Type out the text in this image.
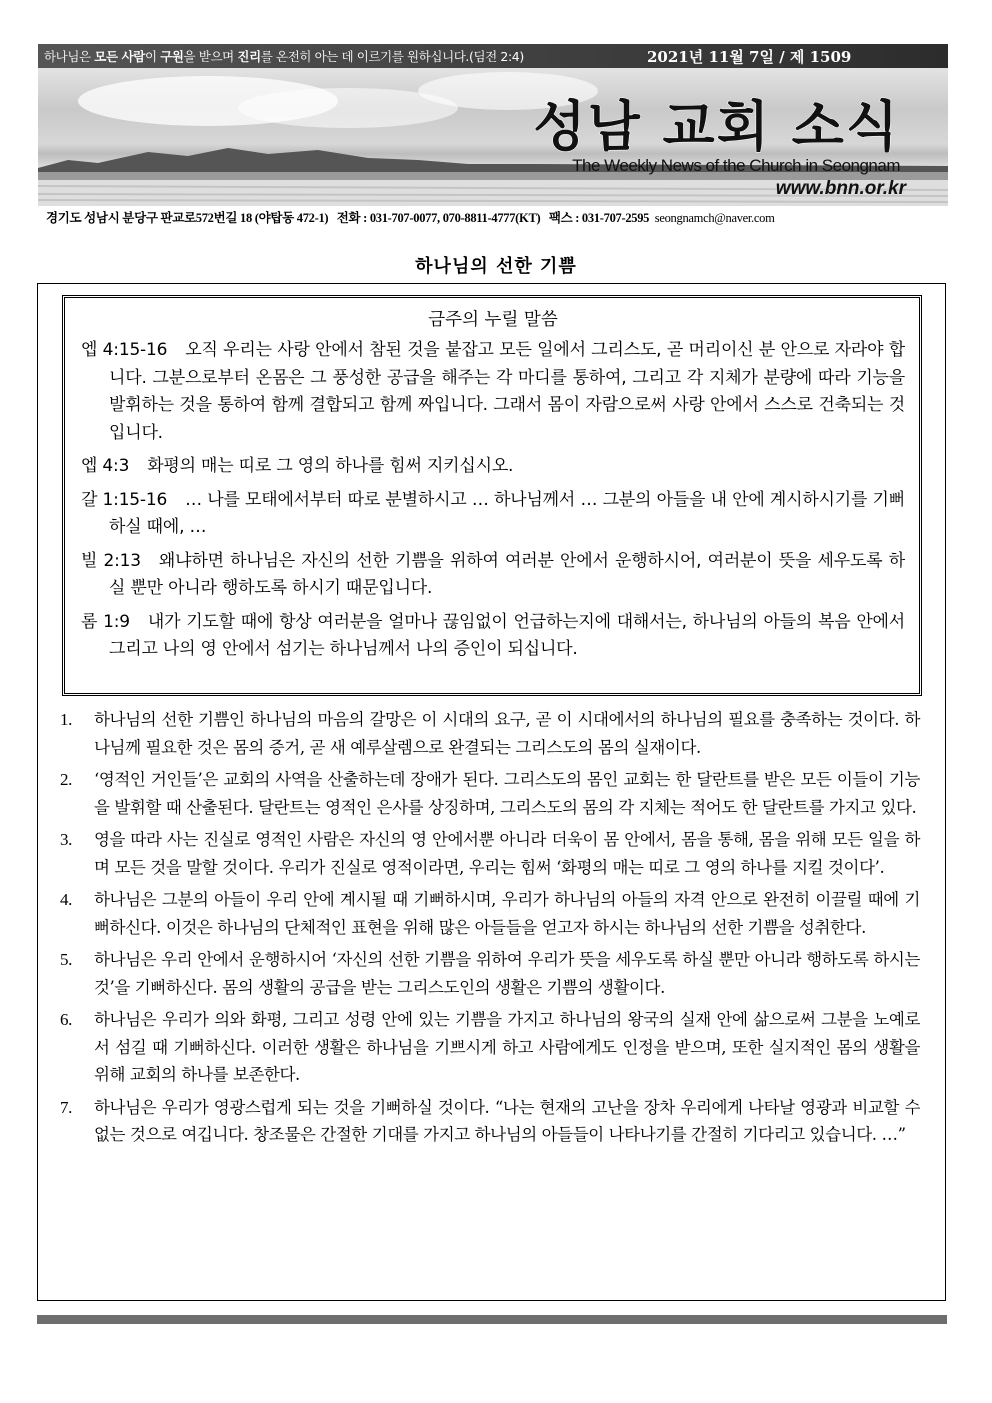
하나님은 모든 사람이 구원을 받으며 진리를 온전히 아는 데 이르기를 원하십니다.(딤전 2:4)	2021년 11월 7일 / 제 1509
성남 교회 소식
The Weekly News of the Church in Seongnam
www.bnn.or.kr
경기도 성남시 분당구 판교로572번길 18 (야탑동 472-1) 전화 : 031-707-0077, 070-8811-4777(KT) 팩스 : 031-707-2595 seongnamch@naver.com
하나님의 선한 기쁨
금주의 누릴 말씀
엡 4:15-16 오직 우리는 사랑 안에서 참된 것을 붙잡고 모든 일에서 그리스도, 곧 머리이신 분 안으로 자라야 합니다. 그분으로부터 온몸은 그 풍성한 공급을 해주는 각 마디를 통하여, 그리고 각 지체가 분량에 따라 기능을 발휘하는 것을 통하여 함께 결합되고 함께 짜입니다. 그래서 몸이 자람으로써 사랑 안에서 스스로 건축되는 것입니다.
엡 4:3 화평의 매는 띠로 그 영의 하나를 힘써 지키십시오.
갈 1:15-16 … 나를 모태에서부터 따로 분별하시고 … 하나님께서 … 그분의 아들을 내 안에 계시하시기를 기뻐하실 때에, …
빌 2:13 왜냐하면 하나님은 자신의 선한 기쁨을 위하여 여러분 안에서 운행하시어, 여러분이 뜻을 세우도록 하실 뿐만 아니라 행하도록 하시기 때문입니다.
롬 1:9 내가 기도할 때에 항상 여러분을 얼마나 끊임없이 언급하는지에 대해서는, 하나님의 아들의 복음 안에서 그리고 나의 영 안에서 섬기는 하나님께서 나의 증인이 되십니다.
1. 하나님의 선한 기쁨인 하나님의 마음의 갈망은 이 시대의 요구, 곧 이 시대에서의 하나님의 필요를 충족하는 것이다. 하나님께 필요한 것은 몸의 증거, 곧 새 예루살렘으로 완결되는 그리스도의 몸의 실재이다.
2. ‘영적인 거인들’은 교회의 사역을 산출하는데 장애가 된다. 그리스도의 몸인 교회는 한 달란트를 받은 모든 이들이 기능을 발휘할 때 산출된다. 달란트는 영적인 은사를 상징하며, 그리스도의 몸의 각 지체는 적어도 한 달란트를 가지고 있다.
3. 영을 따라 사는 진실로 영적인 사람은 자신의 영 안에서뿐 아니라 더욱이 몸 안에서, 몸을 통해, 몸을 위해 모든 일을 하며 모든 것을 말할 것이다. 우리가 진실로 영적이라면, 우리는 힘써 ‘화평의 매는 띠로 그 영의 하나를 지킬 것이다’.
4. 하나님은 그분의 아들이 우리 안에 계시될 때 기뻐하시며, 우리가 하나님의 아들의 자격 안으로 완전히 이끌릴 때에 기뻐하신다. 이것은 하나님의 단체적인 표현을 위해 많은 아들들을 얻고자 하시는 하나님의 선한 기쁨을 성취한다.
5. 하나님은 우리 안에서 운행하시어 ‘자신의 선한 기쁨을 위하여 우리가 뜻을 세우도록 하실 뿐만 아니라 행하도록 하시는 것’을 기뻐하신다. 몸의 생활의 공급을 받는 그리스도인의 생활은 기쁨의 생활이다.
6. 하나님은 우리가 의와 화평, 그리고 성령 안에 있는 기쁨을 가지고 하나님의 왕국의 실재 안에 삶으로써 그분을 노예로서 섬길 때 기뻐하신다. 이러한 생활은 하나님을 기쁘시게 하고 사람에게도 인정을 받으며, 또한 실지적인 몸의 생활을 위해 교회의 하나를 보존한다.
7. 하나님은 우리가 영광스럽게 되는 것을 기뻐하실 것이다. “나는 현재의 고난을 장차 우리에게 나타날 영광과 비교할 수 없는 것으로 여깁니다. 창조물은 간절한 기대를 가지고 하나님의 아들들이 나타나기를 간절히 기다리고 있습니다. …”
